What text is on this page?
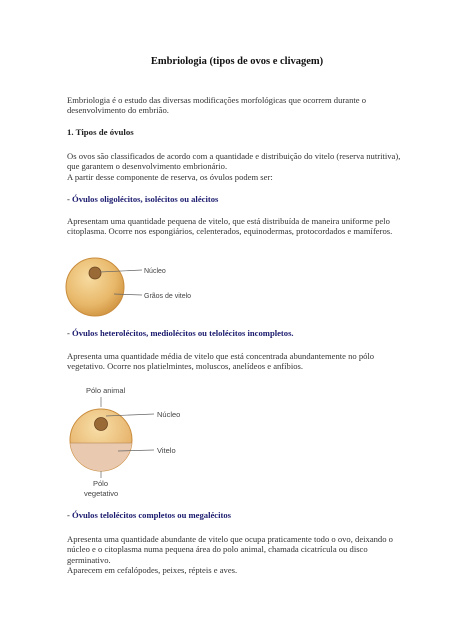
Embriologia (tipos de ovos e clivagem)
Embriologia é o estudo das diversas modificações morfológicas que ocorrem durante o desenvolvimento do embrião.
1. Tipos de óvulos
Os ovos são classificados de acordo com a quantidade e distribuição do vitelo (reserva nutritiva), que garantem o desenvolvimento embrionário.
A partir desse componente de reserva, os óvulos podem ser:
- Óvulos oligolécitos, isolécitos ou alécitos
Apresentam uma quantidade pequena de vitelo, que está distribuída de maneira uniforme pelo citoplasma. Ocorre nos espongiários, celenterados, equinodermas, protocordados e mamíferos.
Núcleo
Grãos de vitelo
- Óvulos heterolécitos, mediolécitos ou telolécitos incompletos.
Apresenta uma quantidade média de vitelo que está concentrada abundantemente no pólo vegetativo. Ocorre nos platielmintes, moluscos, anelídeos e anfíbios.
Pólo animal
Núcleo
Vitelo
Pólo
vegetativo
- Óvulos telolécitos completos ou megalécitos
Apresenta uma quantidade abundante de vitelo que ocupa praticamente todo o ovo, deixando o núcleo e o citoplasma numa pequena área do polo animal, chamada cicatrícula ou disco germinativo.
Aparecem em cefalópodes, peixes, répteis e aves.
